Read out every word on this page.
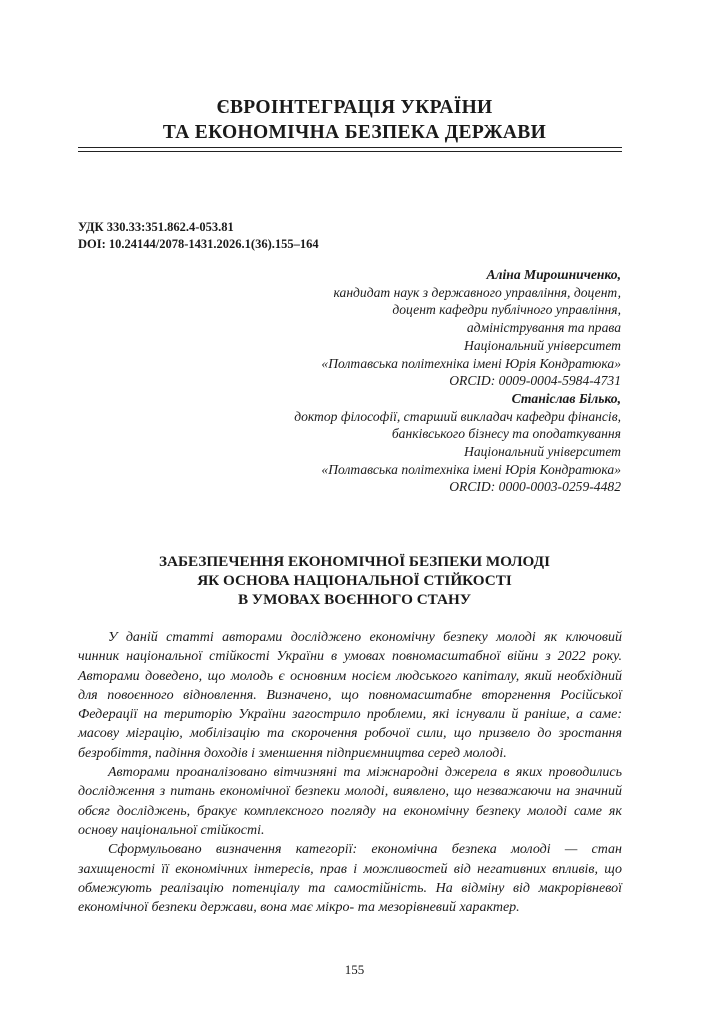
ЄВРОІНТЕГРАЦІЯ УКРАЇНИ
ТА ЕКОНОМІЧНА БЕЗПЕКА ДЕРЖАВИ
УДК 330.33:351.862.4-053.81
DOI: 10.24144/2078-1431.2026.1(36).155–164
Аліна Мирошниченко,
кандидат наук з державного управління, доцент,
доцент кафедри публічного управління,
адміністрування та права
Національний університет
«Полтавська політехніка імені Юрія Кондратюка»
ORCID: 0009-0004-5984-4731
Станіслав Білько,
доктор філософії, старший викладач кафедри фінансів,
банківського бізнесу та оподаткування
Національний університет
«Полтавська політехніка імені Юрія Кондратюка»
ORCID: 0000-0003-0259-4482
ЗАБЕЗПЕЧЕННЯ ЕКОНОМІЧНОЇ БЕЗПЕКИ МОЛОДІ
ЯК ОСНОВА НАЦІОНАЛЬНОЇ СТІЙКОСТІ
В УМОВАХ ВОЄННОГО СТАНУ

У даній статті авторами досліджено економічну безпеку молоді як ключовий чинник національної стійкості України в умовах повномасштабної війни з 2022 року. Авторами доведено, що молодь є основним носієм людського капіталу, який необхідний для повоєнного відновлення. Визначено, що повномасштабне вторгнення Російської Федерації на територію України загострило проблеми, які існували й раніше, а саме: масову міграцію, мобілізацію та скорочення робочої сили, що призвело до зростання безробіття, падіння доходів і зменшення підприємництва серед молоді.

Авторами проаналізовано вітчизняні та міжнародні джерела в яких проводились дослідження з питань економічної безпеки молоді, виявлено, що незважаючи на значний обсяг досліджень, бракує комплексного погляду на економічну безпеку молоді саме як основу національної стійкості.

Сформульовано визначення категорії: економічна безпека молоді — стан захищеності її економічних інтересів, прав і можливостей від негативних впливів, що обмежують реалізацію потенціалу та самостійність. На відміну від макрорівневої економічної безпеки держави, вона має мікро- та мезорівневий характер.

155
